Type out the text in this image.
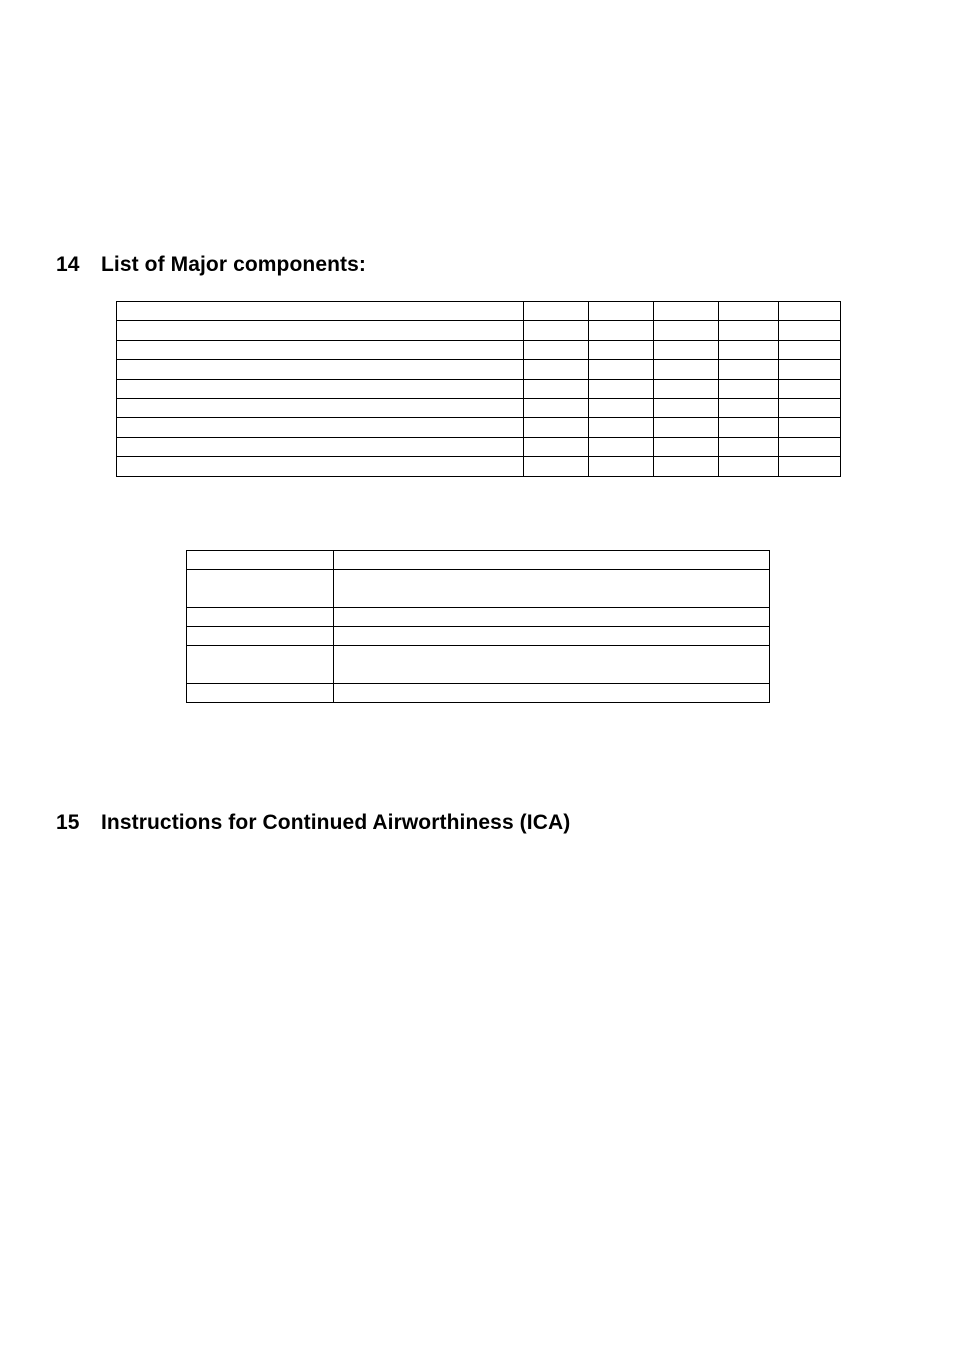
14 List of Major components:

15 Instructions for Continued Airworthiness (ICA)
